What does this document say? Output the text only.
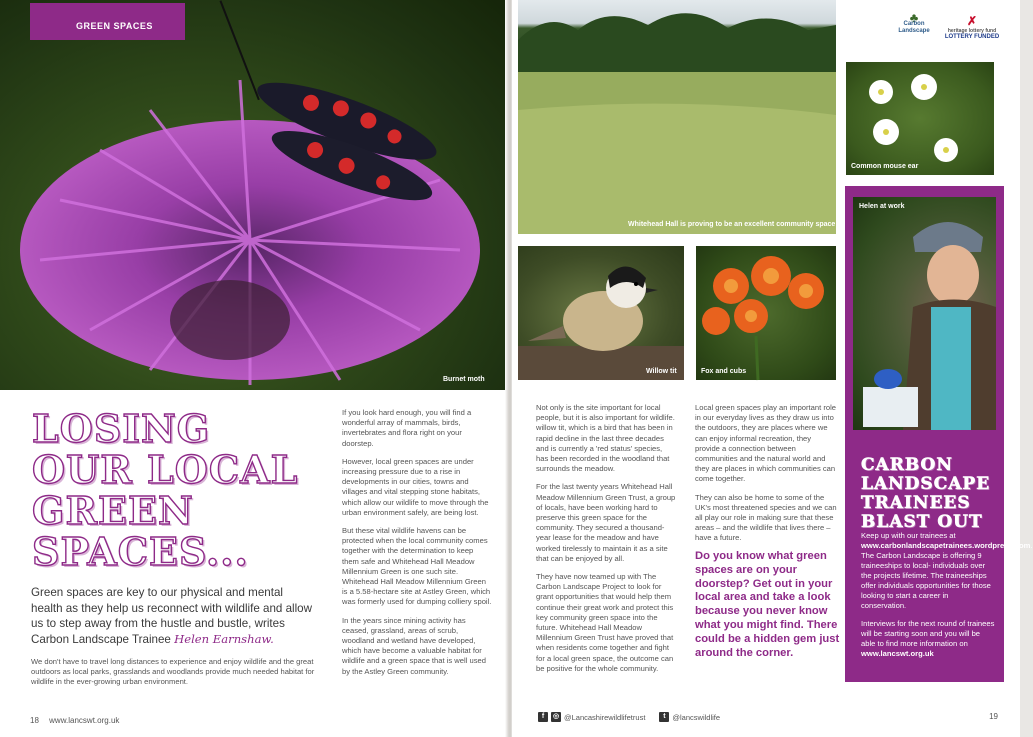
GREEN SPACES
Burnet moth
LOSING
OUR LOCAL
GREEN
SPACES...
Green spaces are key to our physical and mental health as they help us reconnect with wildlife and allow us to step away from the hustle and bustle, writes Carbon Landscape Trainee Helen Earnshaw.
We don't have to travel long distances to experience and enjoy wildlife and the great outdoors as local parks, grasslands and woodlands provide much needed habitat for wildlife in the ever-growing urban environment.

If you look hard enough, you will find a wonderful array of mammals, birds, invertebrates and flora right on your doorstep.

However, local green spaces are under increasing pressure due to a rise in developments in our cities, towns and villages and vital stepping stone habitats, which allow our wildlife to move through the urban environment safely, are being lost.

But these vital wildlife havens can be protected when the local community comes together with the determination to keep them safe and Whitehead Hall Meadow Millennium Green is one such site. Whitehead Hall Meadow Millennium Green is a 5.58-hectare site at Astley Green, which was formerly used for dumping colliery spoil.

In the years since mining activity has ceased, grassland, areas of scrub, woodland and wetland have developed, which have become a valuable habitat for wildlife and a green space that is well used by the Astley Green community.

18 www.lancswt.org.uk
Whitehead Hall is proving to be an excellent community space
Willow tit	Fox and cubs
♣
Carbon Landscape
✗
heritage lottery fund
LOTTERY FUNDED
Common mouse ear

Not only is the site important for local people, but it is also important for wildlife. willow tit, which is a bird that has been in rapid decline in the last three decades and is currently a 'red status' species, has been recorded in the woodland that surrounds the meadow.

For the last twenty years Whitehead Hall Meadow Millennium Green Trust, a group of locals, have been working hard to preserve this green space for the community. They secured a thousand-year lease for the meadow and have worked tirelessly to maintain it as a site that can be enjoyed by all.

They have now teamed up with The Carbon Landscape Project to look for grant opportunities that would help them continue their great work and protect this key community green space into the future. Whitehead Hall Meadow Millennium Green Trust have proved that when residents come together and fight for a local green space, the outcome can be positive for the whole community.

Local green spaces play an important role in our everyday lives as they draw us into the outdoors, they are places where we can enjoy informal recreation, they provide a connection between communities and the natural world and they are places in which communities can come together.

They can also be home to some of the UK's most threatened species and we can all play our role in making sure that these areas – and the wildlife that lives there – have a future.

Do you know what green spaces are on your doorstep? Get out in your local area and take a look because you never know what you might find. There could be a hidden gem just around the corner.
Helen at work
CARBON
LANDSCAPE
TRAINEES
BLAST OUT

Keep up with our trainees at www.carbonlandscapetrainees.wordpress.com. The Carbon Landscape is offering 9 traineeships to local- individuals over the projects lifetime. The traineeships offer individuals opportunities for those looking to start a career in conservation.

Interviews for the next round of trainees will be starting soon and you will be able to find more information on www.lancswt.org.uk

f	◎ @Lancashirewildlifetrust	t @lancswildlife	19
